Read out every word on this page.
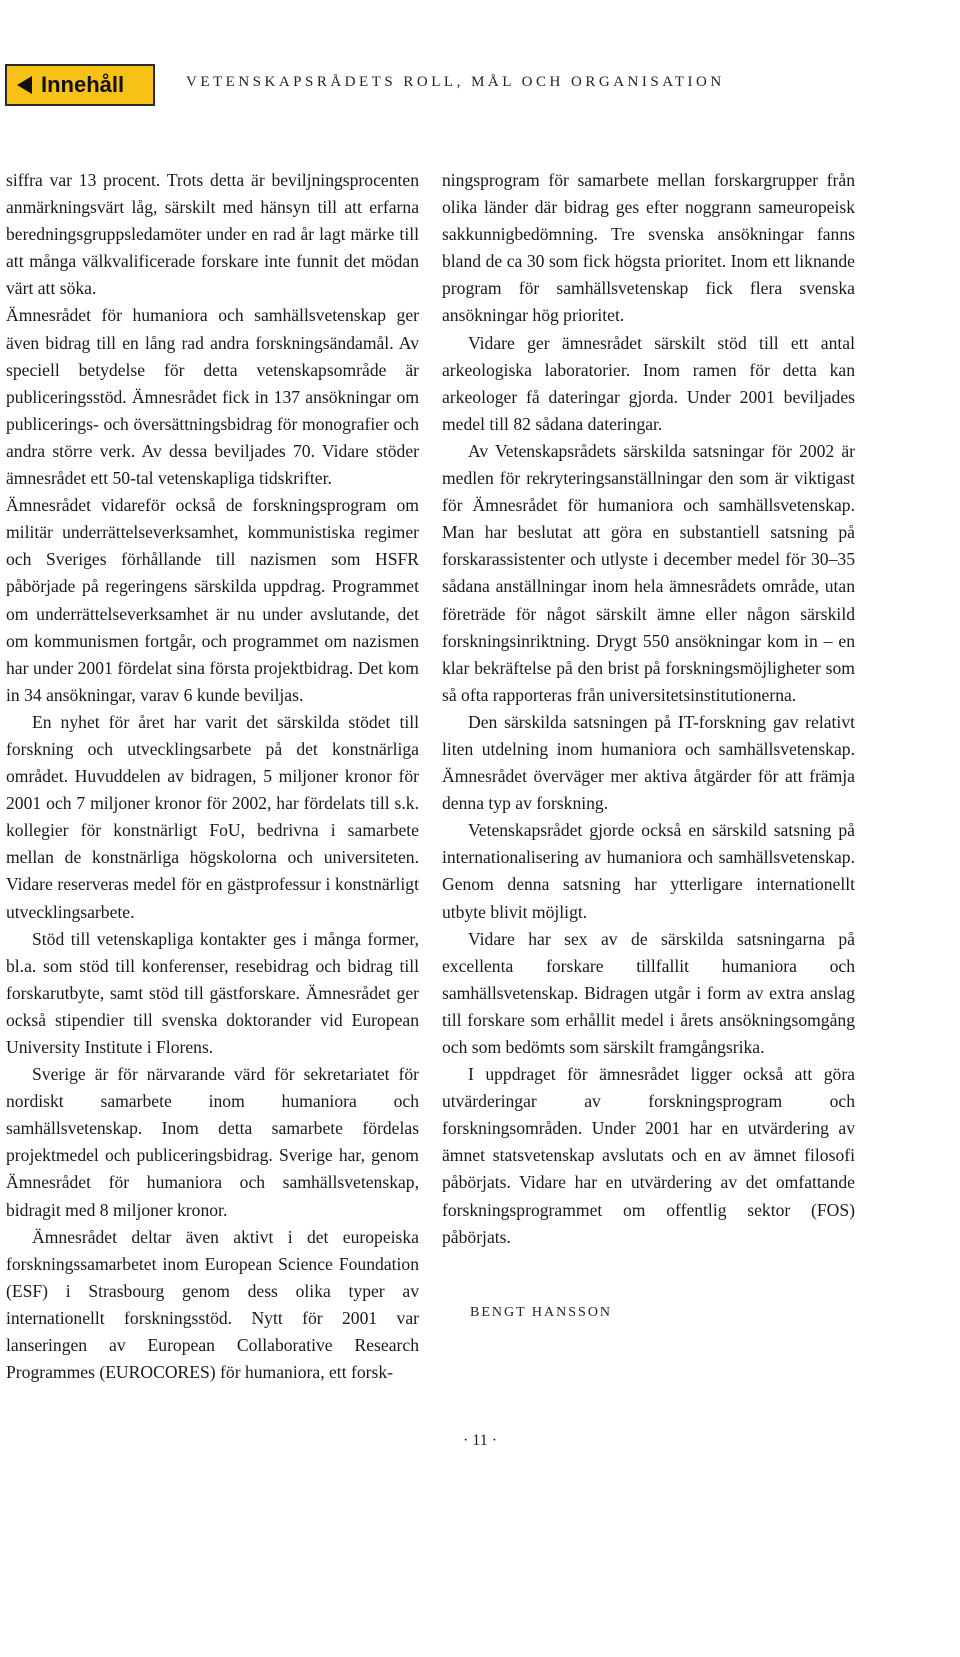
Innehåll	VETENSKAPSRÅDETS ROLL, MÅL OCH ORGANISATION

siffra var 13 procent. Trots detta är beviljningsprocenten anmärkningsvärt låg, särskilt med hänsyn till att erfarna beredningsgruppsledamöter under en rad år lagt märke till att många välkvalificerade forskare inte funnit det mödan värt att söka.

Ämnesrådet för humaniora och samhällsvetenskap ger även bidrag till en lång rad andra forskningsändamål. Av speciell betydelse för detta vetenskapsområde är publiceringsstöd. Ämnesrådet fick in 137 ansökningar om publicerings- och översättningsbidrag för monografier och andra större verk. Av dessa beviljades 70. Vidare stöder ämnesrådet ett 50-tal vetenskapliga tidskrifter.

Ämnesrådet vidareför också de forskningsprogram om militär underrättelseverksamhet, kommunistiska regimer och Sveriges förhållande till nazismen som HSFR påbörjade på regeringens särskilda uppdrag. Programmet om underrättelseverksamhet är nu under avslutande, det om kommunismen fortgår, och programmet om nazismen har under 2001 fördelat sina första projektbidrag. Det kom in 34 ansökningar, varav 6 kunde beviljas.

En nyhet för året har varit det särskilda stödet till forskning och utvecklingsarbete på det konstnärliga området. Huvuddelen av bidragen, 5 miljoner kronor för 2001 och 7 miljoner kronor för 2002, har fördelats till s.k. kollegier för konstnärligt FoU, bedrivna i samarbete mellan de konstnärliga högskolorna och universiteten. Vidare reserveras medel för en gästprofessur i konstnärligt utvecklingsarbete.

Stöd till vetenskapliga kontakter ges i många former, bl.a. som stöd till konferenser, resebidrag och bidrag till forskarutbyte, samt stöd till gästforskare. Ämnesrådet ger också stipendier till svenska doktorander vid European University Institute i Florens.

Sverige är för närvarande värd för sekretariatet för nordiskt samarbete inom humaniora och samhällsvetenskap. Inom detta samarbete fördelas projektmedel och publiceringsbidrag. Sverige har, genom Ämnesrådet för humaniora och samhällsvetenskap, bidragit med 8 miljoner kronor.

Ämnesrådet deltar även aktivt i det europeiska forskningssamarbetet inom European Science Foundation (ESF) i Strasbourg genom dess olika typer av internationellt forskningsstöd. Nytt för 2001 var lanseringen av European Collaborative Research Programmes (EUROCORES) för humaniora, ett forsk-

ningsprogram för samarbete mellan forskargrupper från olika länder där bidrag ges efter noggrann sameuropeisk sakkunnigbedömning. Tre svenska ansökningar fanns bland de ca 30 som fick högsta prioritet. Inom ett liknande program för samhällsvetenskap fick flera svenska ansökningar hög prioritet.

Vidare ger ämnesrådet särskilt stöd till ett antal arkeologiska laboratorier. Inom ramen för detta kan arkeologer få dateringar gjorda. Under 2001 beviljades medel till 82 sådana dateringar.

Av Vetenskapsrådets särskilda satsningar för 2002 är medlen för rekryteringsanställningar den som är viktigast för Ämnesrådet för humaniora och samhällsvetenskap. Man har beslutat att göra en substantiell satsning på forskarassistenter och utlyste i december medel för 30–35 sådana anställningar inom hela ämnesrådets område, utan företräde för något särskilt ämne eller någon särskild forskningsinriktning. Drygt 550 ansökningar kom in – en klar bekräftelse på den brist på forskningsmöjligheter som så ofta rapporteras från universitetsinstitutionerna.

Den särskilda satsningen på IT-forskning gav relativt liten utdelning inom humaniora och samhällsvetenskap. Ämnesrådet överväger mer aktiva åtgärder för att främja denna typ av forskning.

Vetenskapsrådet gjorde också en särskild satsning på internationalisering av humaniora och samhällsvetenskap. Genom denna satsning har ytterligare internationellt utbyte blivit möjligt.

Vidare har sex av de särskilda satsningarna på excellenta forskare tillfallit humaniora och samhällsvetenskap. Bidragen utgår i form av extra anslag till forskare som erhållit medel i årets ansökningsomgång och som bedömts som särskilt framgångsrika.

I uppdraget för ämnesrådet ligger också att göra utvärderingar av forskningsprogram och forskningsområden. Under 2001 har en utvärdering av ämnet statsvetenskap avslutats och en av ämnet filosofi påbörjats. Vidare har en utvärdering av det omfattande forskningsprogrammet om offentlig sektor (FOS) påbörjats.

BENGT HANSSON
· 11 ·
